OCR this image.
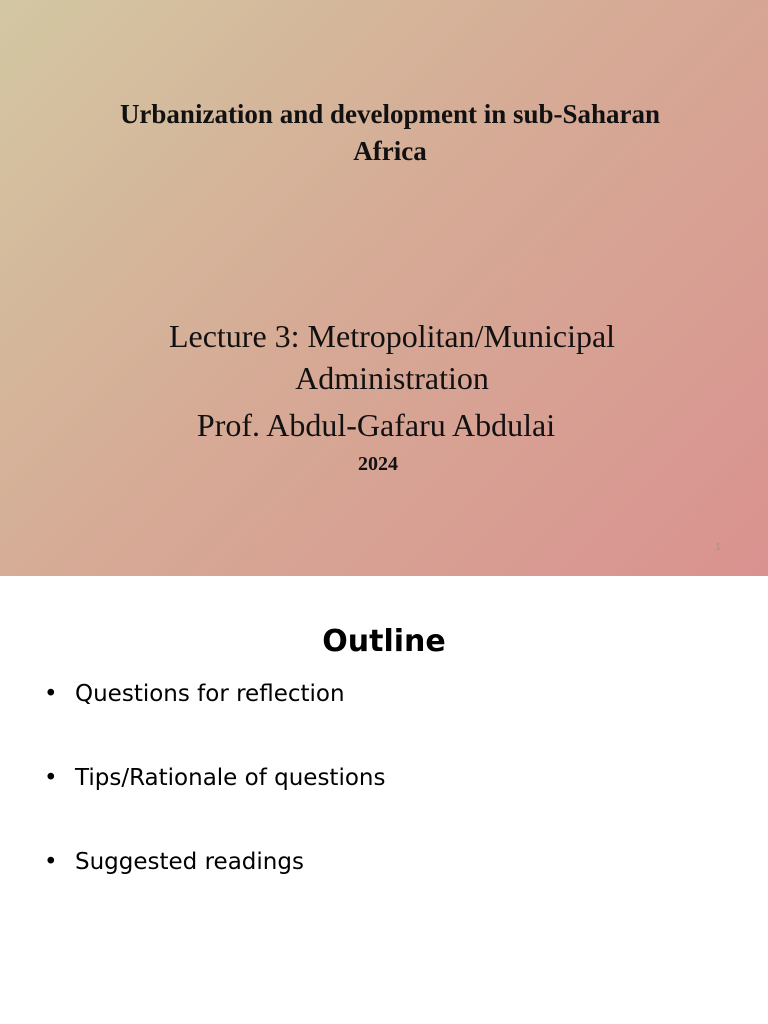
Urbanization and development in sub-Saharan
Africa
Lecture 3: Metropolitan/Municipal
Administration
Prof. Abdul-Gafaru Abdulai
2024
1
Outline
• Questions for reflection
• Tips/Rationale of questions
• Suggested readings
